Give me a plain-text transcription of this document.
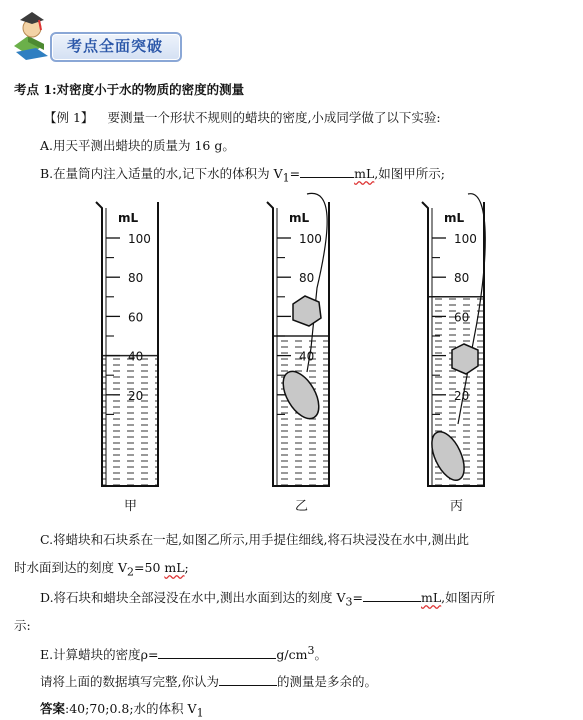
考点全面突破
考点 1:对密度小于水的物质的密度的测量
【例 1】 要测量一个形状不规则的蜡块的密度,小成同学做了以下实验:
A.用天平测出蜡块的质量为 16 g。
B.在量筒内注入适量的水,记下水的体积为 $V_1=$	mL,如图甲所示;
mL
100
80
60
40
20
甲
mL
100
80
40
乙
mL
100
80
60
20
丙
C.将蜡块和石块系在一起,如图乙所示,用手提住细线,将石块浸没在水中,测出此
时水面到达的刻度 $V_2=50$ mL;
D.将石块和蜡块全部浸没在水中,测出水面到达的刻度 $V_3=$	mL,如图丙所
示:
E.计算蜡块的密度ρ=	$g/cm^3$。
请将上面的数据填写完整,你认为	的测量是多余的。
答案:40;70;0.8;水的体积 $V_1$
